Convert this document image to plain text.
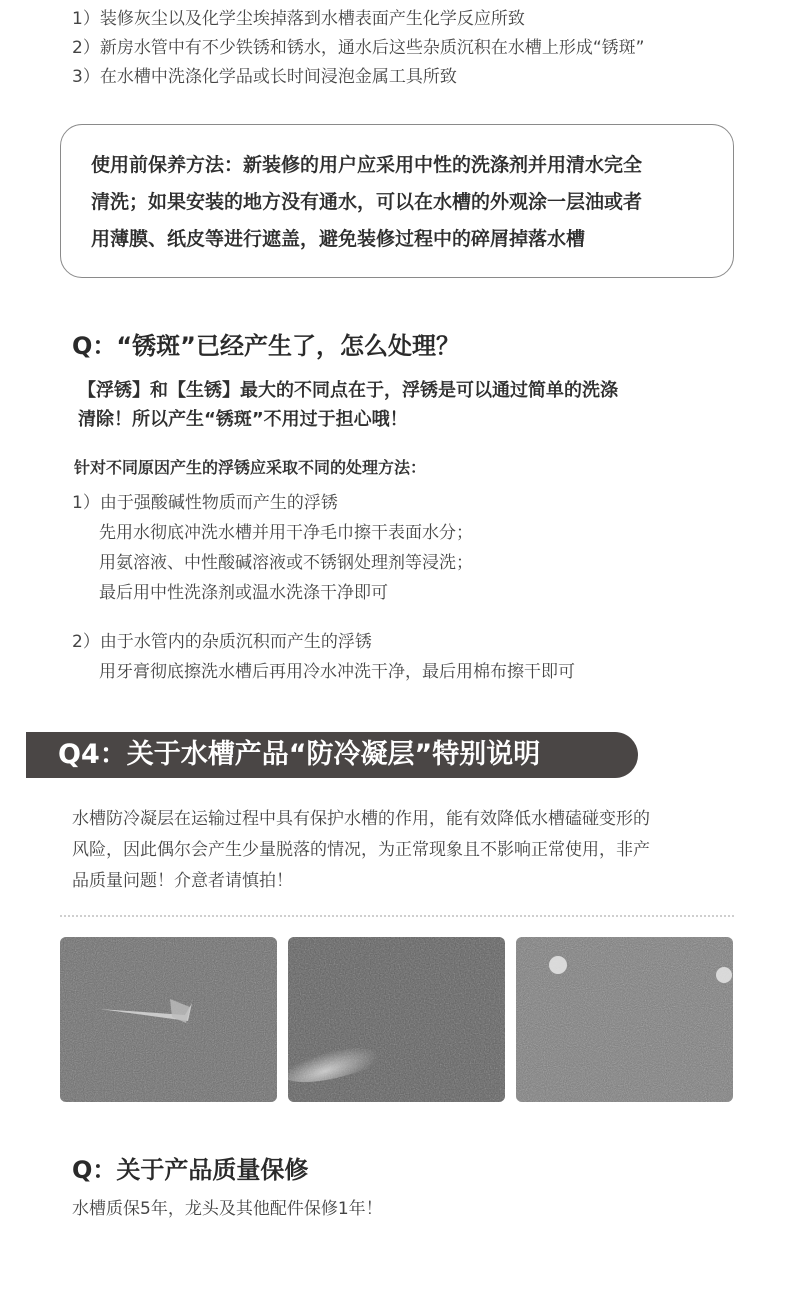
1）装修灰尘以及化学尘埃掉落到水槽表面产生化学反应所致
2）新房水管中有不少铁锈和锈水，通水后这些杂质沉积在水槽上形成“锈斑”
3）在水槽中洗涤化学品或长时间浸泡金属工具所致
使用前保养方法：新装修的用户应采用中性的洗涤剂并用清水完全
清洗；如果安装的地方没有通水，可以在水槽的外观涂一层油或者
用薄膜、纸皮等进行遮盖，避免装修过程中的碎屑掉落水槽
Q：“锈斑”已经产生了，怎么处理？
【浮锈】和【生锈】最大的不同点在于，浮锈是可以通过简单的洗涤
清除！所以产生“锈斑”不用过于担心哦！
针对不同原因产生的浮锈应采取不同的处理方法：
1）由于强酸碱性物质而产生的浮锈
先用水彻底冲洗水槽并用干净毛巾擦干表面水分；
用氨溶液、中性酸碱溶液或不锈钢处理剂等浸洗；
最后用中性洗涤剂或温水洗涤干净即可
2）由于水管内的杂质沉积而产生的浮锈
用牙膏彻底擦洗水槽后再用冷水冲洗干净，最后用棉布擦干即可
Q4：关于水槽产品“防冷凝层”特别说明
水槽防冷凝层在运输过程中具有保护水槽的作用，能有效降低水槽磕碰变形的
风险，因此偶尔会产生少量脱落的情况，为正常现象且不影响正常使用，非产
品质量问题！介意者请慎拍！
Q：关于产品质量保修
水槽质保5年，龙头及其他配件保修1年！
